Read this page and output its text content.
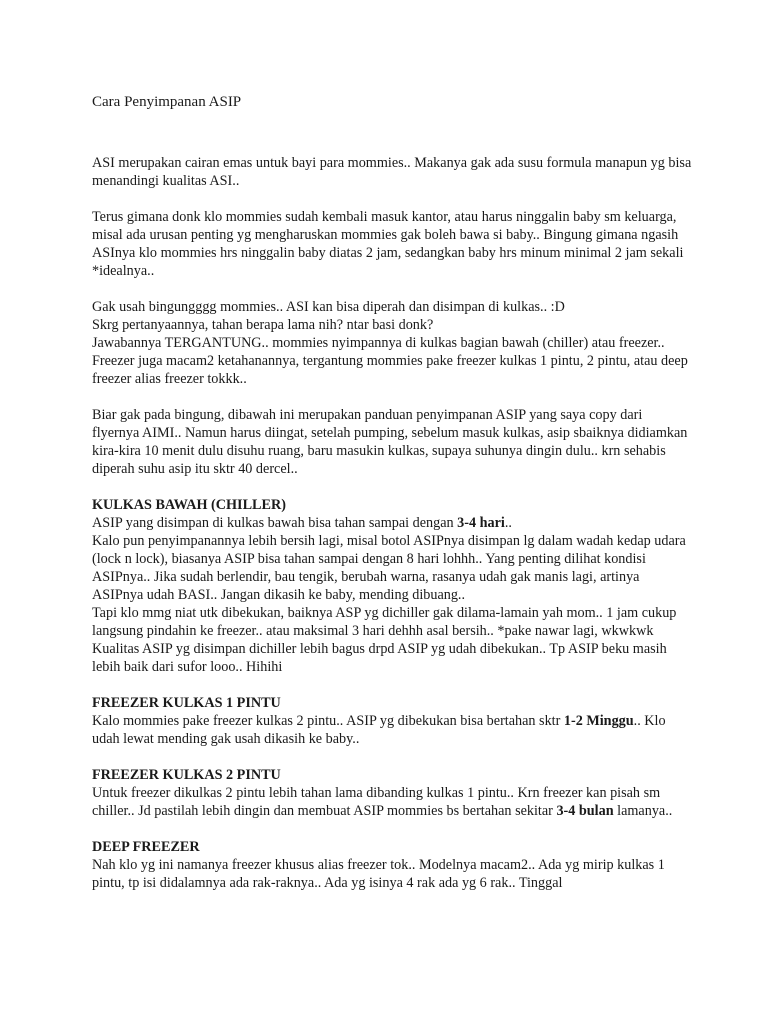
Cara Penyimpanan ASIP

ASI merupakan cairan emas untuk bayi para mommies.. Makanya gak ada susu formula manapun yg bisa menandingi kualitas ASI..

Terus gimana donk klo mommies sudah kembali masuk kantor, atau harus ninggalin baby sm keluarga, misal ada urusan penting yg mengharuskan mommies gak boleh bawa si baby.. Bingung gimana ngasih ASInya klo mommies hrs ninggalin baby diatas 2 jam, sedangkan baby hrs minum minimal 2 jam sekali *idealnya..

Gak usah bingungggg mommies.. ASI kan bisa diperah dan disimpan di kulkas.. :D

Skrg pertanyaannya, tahan berapa lama nih? ntar basi donk?

Jawabannya TERGANTUNG.. mommies nyimpannya di kulkas bagian bawah (chiller) atau freezer.. Freezer juga macam2 ketahanannya, tergantung mommies pake freezer kulkas 1 pintu, 2 pintu, atau deep freezer alias freezer tokkk..

Biar gak pada bingung, dibawah ini merupakan panduan penyimpanan ASIP yang saya copy dari flyernya AIMI.. Namun harus diingat, setelah pumping, sebelum masuk kulkas, asip sbaiknya didiamkan kira-kira 10 menit dulu disuhu ruang, baru masukin kulkas, supaya suhunya dingin dulu.. krn sehabis diperah suhu asip itu sktr 40 dercel..

KULKAS BAWAH (CHILLER)

ASIP yang disimpan di kulkas bawah bisa tahan sampai dengan 3-4 hari..

Kalo pun penyimpanannya lebih bersih lagi, misal botol ASIPnya disimpan lg dalam wadah kedap udara (lock n lock), biasanya ASIP bisa tahan sampai dengan 8 hari lohhh.. Yang penting dilihat kondisi ASIPnya.. Jika sudah berlendir, bau tengik, berubah warna, rasanya udah gak manis lagi, artinya ASIPnya udah BASI.. Jangan dikasih ke baby, mending dibuang..

Tapi klo mmg niat utk dibekukan, baiknya ASP yg dichiller gak dilama-lamain yah mom.. 1 jam cukup langsung pindahin ke freezer.. atau maksimal 3 hari dehhh asal bersih.. *pake nawar lagi, wkwkwk

Kualitas ASIP yg disimpan dichiller lebih bagus drpd ASIP yg udah dibekukan.. Tp ASIP beku masih lebih baik dari sufor looo.. Hihihi

FREEZER KULKAS 1 PINTU

Kalo mommies pake freezer kulkas 2 pintu.. ASIP yg dibekukan bisa bertahan sktr 1-2 Minggu.. Klo udah lewat mending gak usah dikasih ke baby..

FREEZER KULKAS 2 PINTU

Untuk freezer dikulkas 2 pintu lebih tahan lama dibanding kulkas 1 pintu.. Krn freezer kan pisah sm chiller.. Jd pastilah lebih dingin dan membuat ASIP mommies bs bertahan sekitar 3-4 bulan lamanya..

DEEP FREEZER

Nah klo yg ini namanya freezer khusus alias freezer tok.. Modelnya macam2.. Ada yg mirip kulkas 1 pintu, tp isi didalamnya ada rak-raknya.. Ada yg isinya 4 rak ada yg 6 rak.. Tinggal
